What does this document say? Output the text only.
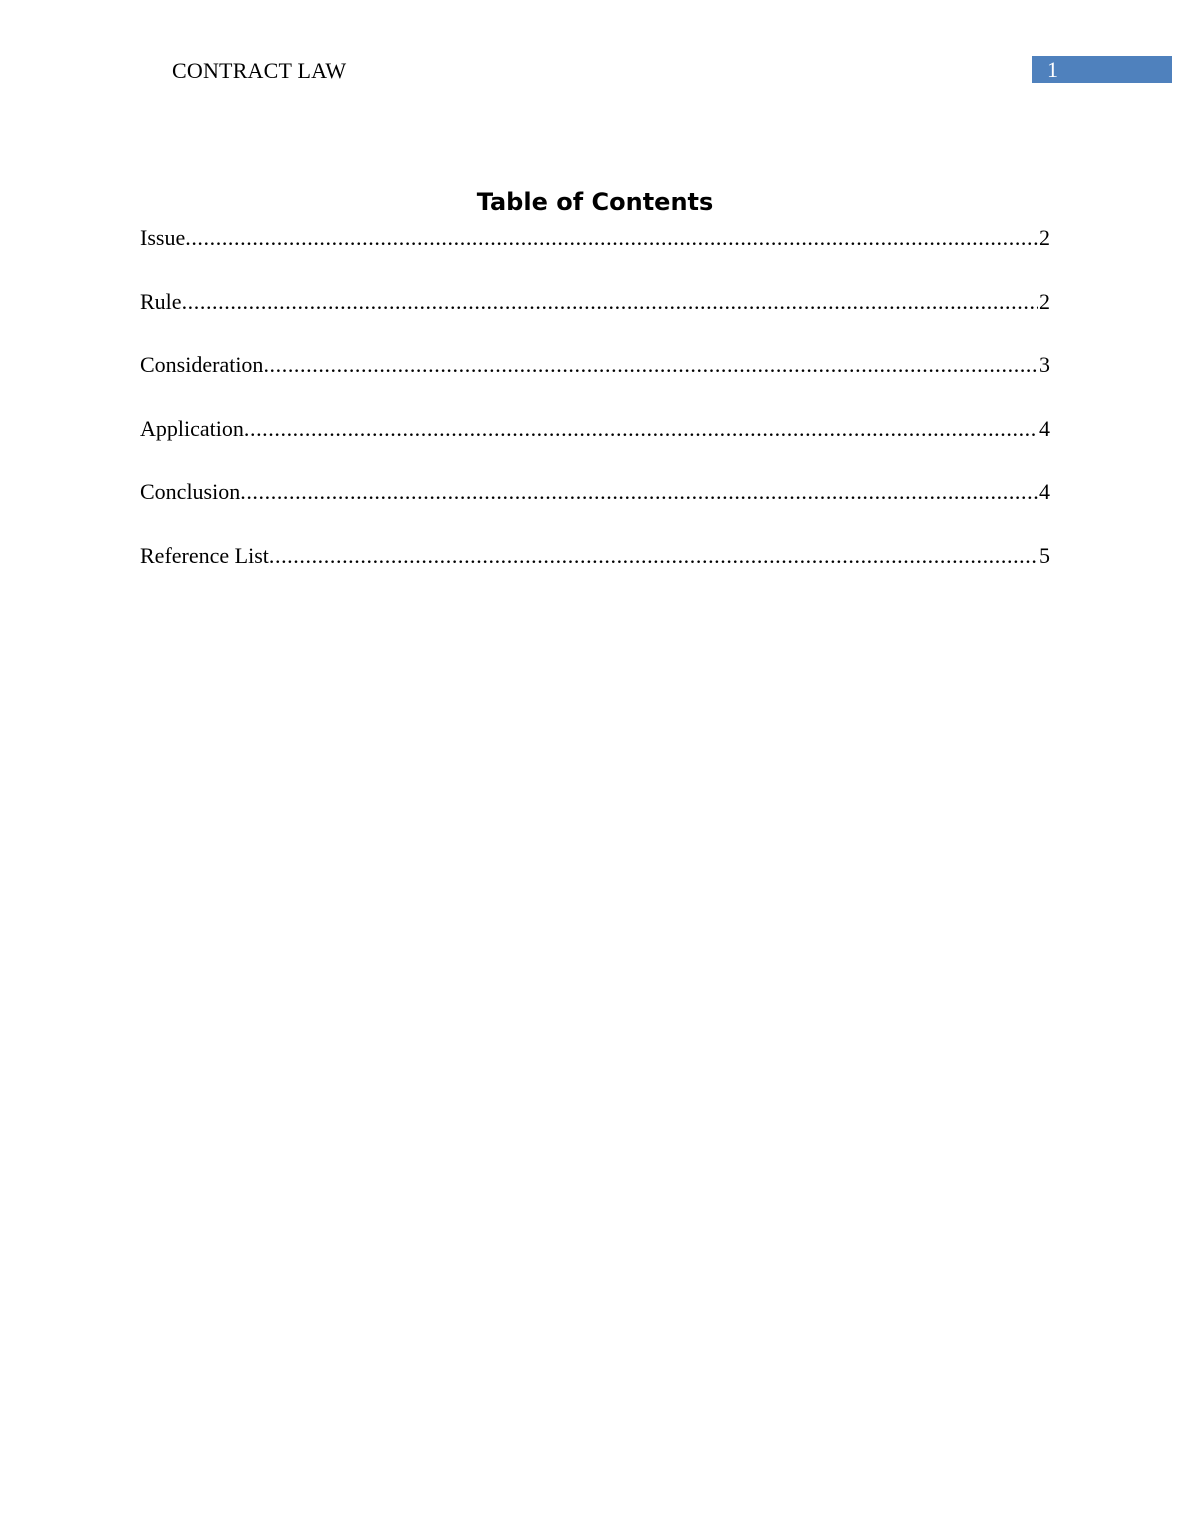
CONTRACT LAW	1
Table of Contents
Issue .....	2
Rule .....	2
Consideration .....	3
Application .....	4
Conclusion .....	4
Reference List .....	5
